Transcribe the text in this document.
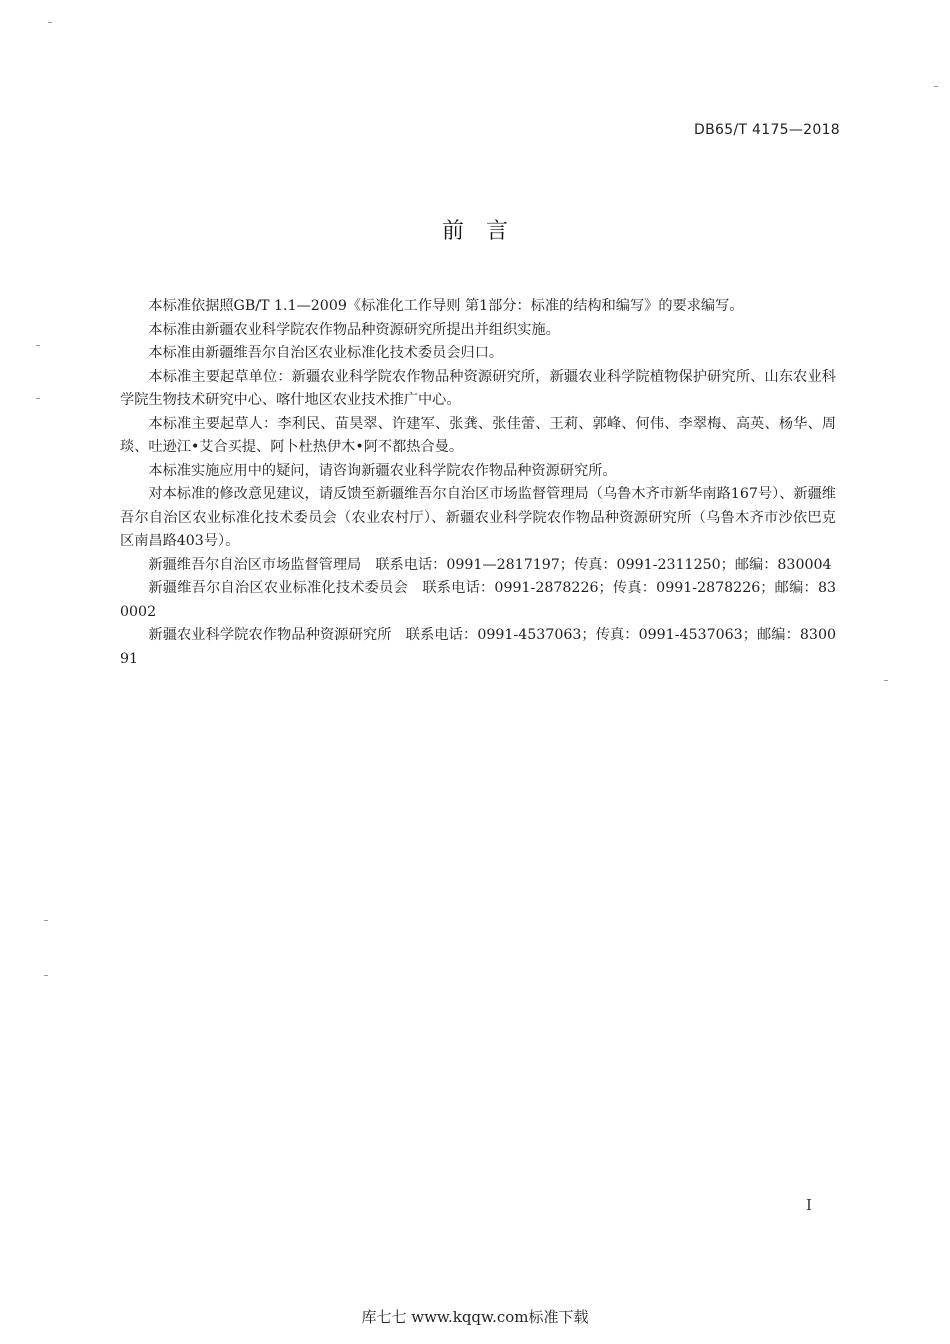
DB65/T 4175—2018
前言

本标准依据照GB/T 1.1—2009《标准化工作导则 第1部分：标准的结构和编写》的要求编写。

本标准由新疆农业科学院农作物品种资源研究所提出并组织实施。

本标准由新疆维吾尔自治区农业标准化技术委员会归口。

本标准主要起草单位：新疆农业科学院农作物品种资源研究所，新疆农业科学院植物保护研究所、山东农业科学院生物技术研究中心、喀什地区农业技术推广中心。

本标准主要起草人：李利民、苗昊翠、许建军、张龚、张佳蕾、王莉、郭峰、何伟、李翠梅、高英、杨华、周琰、吐逊江•艾合买提、阿卜杜热伊木•阿不都热合曼。

本标准实施应用中的疑问，请咨询新疆农业科学院农作物品种资源研究所。

对本标准的修改意见建议，请反馈至新疆维吾尔自治区市场监督管理局（乌鲁木齐市新华南路167号）、新疆维吾尔自治区农业标准化技术委员会（农业农村厅）、新疆农业科学院农作物品种资源研究所（乌鲁木齐市沙依巴克区南昌路403号）。

新疆维吾尔自治区市场监督管理局　联系电话：0991—2817197；传真：0991-2311250；邮编：830004

新疆维吾尔自治区农业标准化技术委员会　联系电话：0991-2878226；传真：0991-2878226；邮编：830002

新疆农业科学院农作物品种资源研究所　联系电话：0991-4537063；传真：0991-4537063；邮编：830091

I
库七七 www.kqqw.com标准下载
